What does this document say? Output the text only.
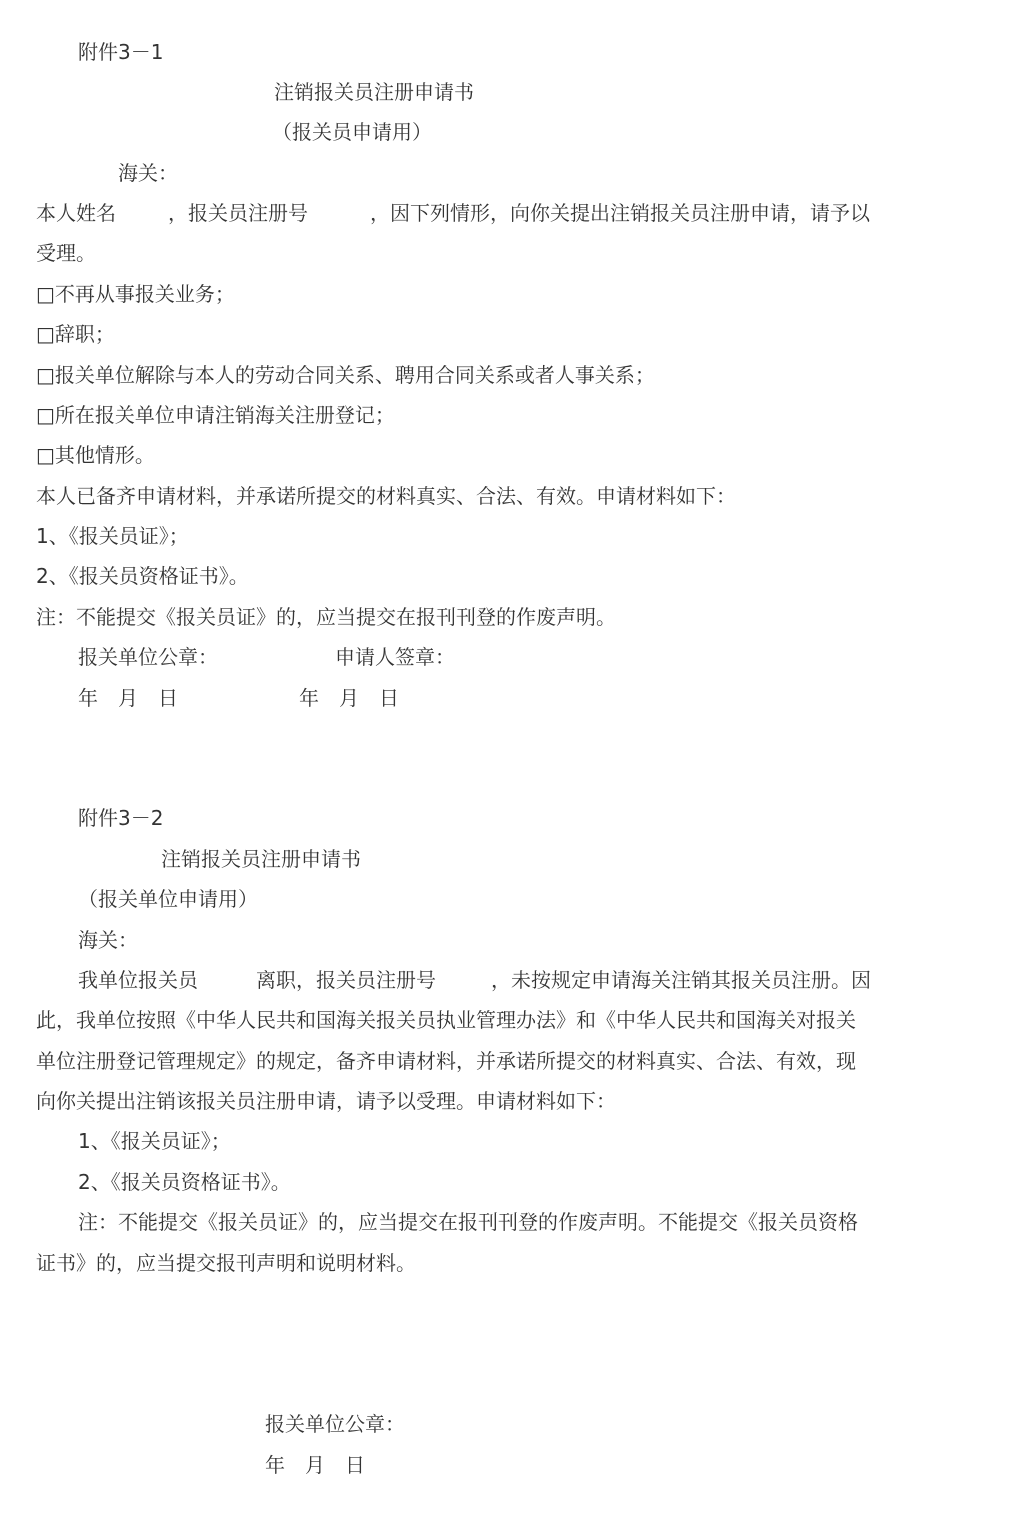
附件3－1
注销报关员注册申请书
（报关员申请用）
海关：
本人姓名	，报关员注册号	，因下列情形，向你关提出注销报关员注册申请，请予以
受理。
□不再从事报关业务；
□辞职；
□报关单位解除与本人的劳动合同关系、聘用合同关系或者人事关系；
□所在报关单位申请注销海关注册登记；
□其他情形。
本人已备齐申请材料，并承诺所提交的材料真实、合法、有效。申请材料如下：
1、《报关员证》；
2、《报关员资格证书》。
注：不能提交《报关员证》的，应当提交在报刊刊登的作废声明。
报关单位公章：	申请人签章：
年　月　日	年　月　日
附件3－2
注销报关员注册申请书
（报关单位申请用）
海关：
我单位报关员	离职，报关员注册号	，未按规定申请海关注销其报关员注册。因
此，我单位按照《中华人民共和国海关报关员执业管理办法》和《中华人民共和国海关对报关
单位注册登记管理规定》的规定，备齐申请材料，并承诺所提交的材料真实、合法、有效，现
向你关提出注销该报关员注册申请，请予以受理。申请材料如下：
1、《报关员证》；
2、《报关员资格证书》。
注：不能提交《报关员证》的，应当提交在报刊刊登的作废声明。不能提交《报关员资格
证书》的，应当提交报刊声明和说明材料。
报关单位公章：
年　月　日
